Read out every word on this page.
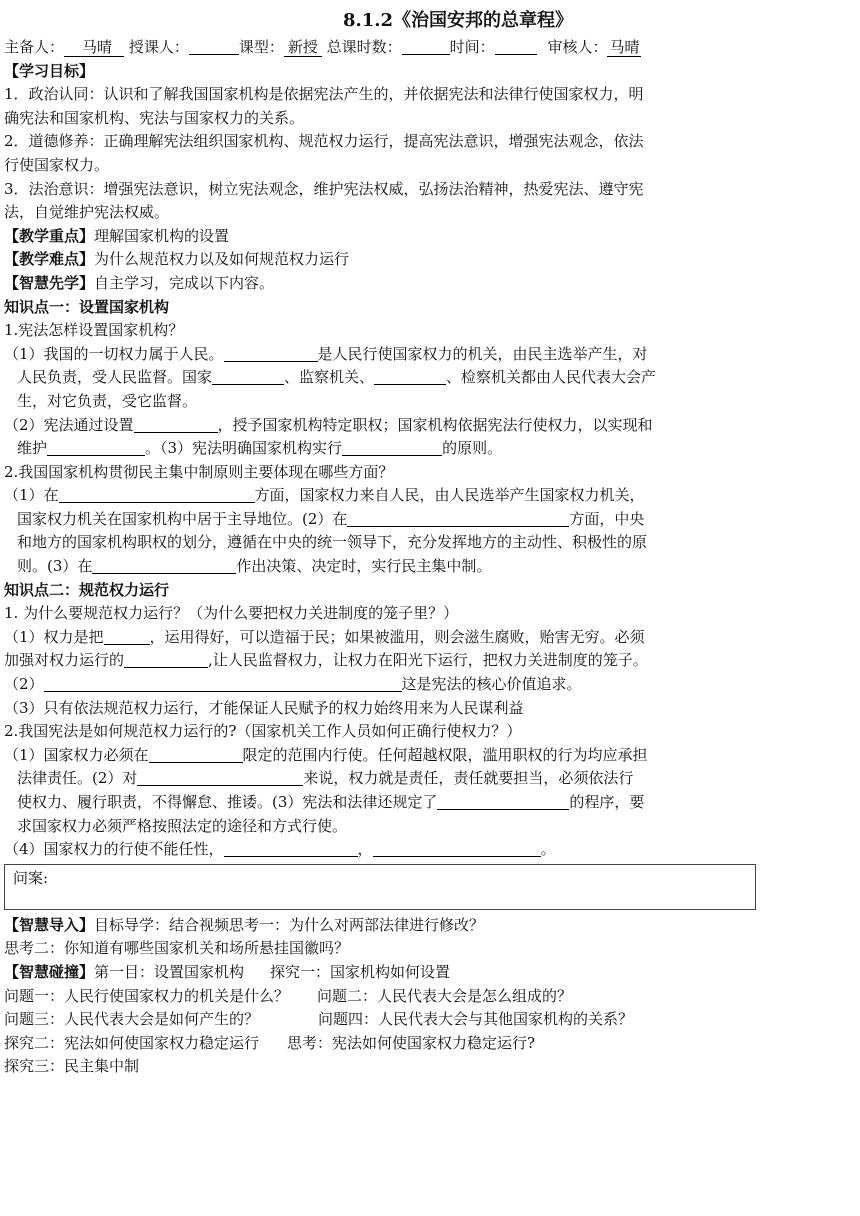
8.1.2《治国安邦的总章程》
主备人： 马晴 授课人：	课型： 新授 总课时数：	时间：	审核人： 马晴
【学习目标】
1．政治认同：认识和了解我国国家机构是依据宪法产生的，并依据宪法和法律行使国家权力，明
确宪法和国家机构、宪法与国家权力的关系。
2．道德修养：正确理解宪法组织国家机构、规范权力运行，提高宪法意识，增强宪法观念，依法
行使国家权力。
3．法治意识：增强宪法意识，树立宪法观念，维护宪法权威，弘扬法治精神，热爱宪法、遵守宪
法，自觉维护宪法权威。
【教学重点】理解国家机构的设置
【教学难点】为什么规范权力以及如何规范权力运行
【智慧先学】自主学习，完成以下内容。
知识点一：设置国家机构
1.宪法怎样设置国家机构？
（1）我国的一切权力属于人民。	是人民行使国家权力的机关，由民主选举产生，对
人民负责，受人民监督。国家	、监察机关、	、检察机关都由人民代表大会产
生，对它负责，受它监督。
（2）宪法通过设置	，授予国家机构特定职权；国家机构依据宪法行使权力，以实现和
维护	。（3）宪法明确国家机构实行	的原则。
2.我国国家机构贯彻民主集中制原则主要体现在哪些方面？
（1）在	方面，国家权力来自人民，由人民选举产生国家权力机关，
国家权力机关在国家机构中居于主导地位。(2）在	方面，中央
和地方的国家机构职权的划分，遵循在中央的统一领导下，充分发挥地方的主动性、积极性的原
则。(3）在	作出决策、决定时，实行民主集中制。
知识点二：规范权力运行
1. 为什么要规范权力运行？（为什么要把权力关进制度的笼子里？）
（1）权力是把	，运用得好，可以造福于民；如果被滥用，则会滋生腐败，贻害无穷。必须
加强对权力运行的	,让人民监督权力，让权力在阳光下运行，把权力关进制度的笼子。
（2）	这是宪法的核心价值追求。
（3）只有依法规范权力运行，才能保证人民赋予的权力始终用来为人民谋利益
2.我国宪法是如何规范权力运行的?（国家机关工作人员如何正确行使权力？）
（1）国家权力必须在	限定的范围内行使。任何超越权限，滥用职权的行为均应承担
法律责任。(2）对	来说，权力就是责任，责任就要担当，必须依法行
使权力、履行职责，不得懈怠、推诿。(3）宪法和法律还规定了	的程序，要
求国家权力必须严格按照法定的途径和方式行使。
（4）国家权力的行使不能任性，	，	。
问案:
【智慧导入】目标导学：结合视频思考一：为什么对两部法律进行修改？
思考二：你知道有哪些国家机关和场所悬挂国徽吗？
【智慧碰撞】第一目：设置国家机构 探究一：国家机构如何设置
问题一：人民行使国家权力的机关是什么？ 问题二：人民代表大会是怎么组成的？
问题三：人民代表大会是如何产生的？	问题四：人民代表大会与其他国家机构的关系？
探究二：宪法如何使国家权力稳定运行 思考：宪法如何使国家权力稳定运行?
探究三：民主集中制
